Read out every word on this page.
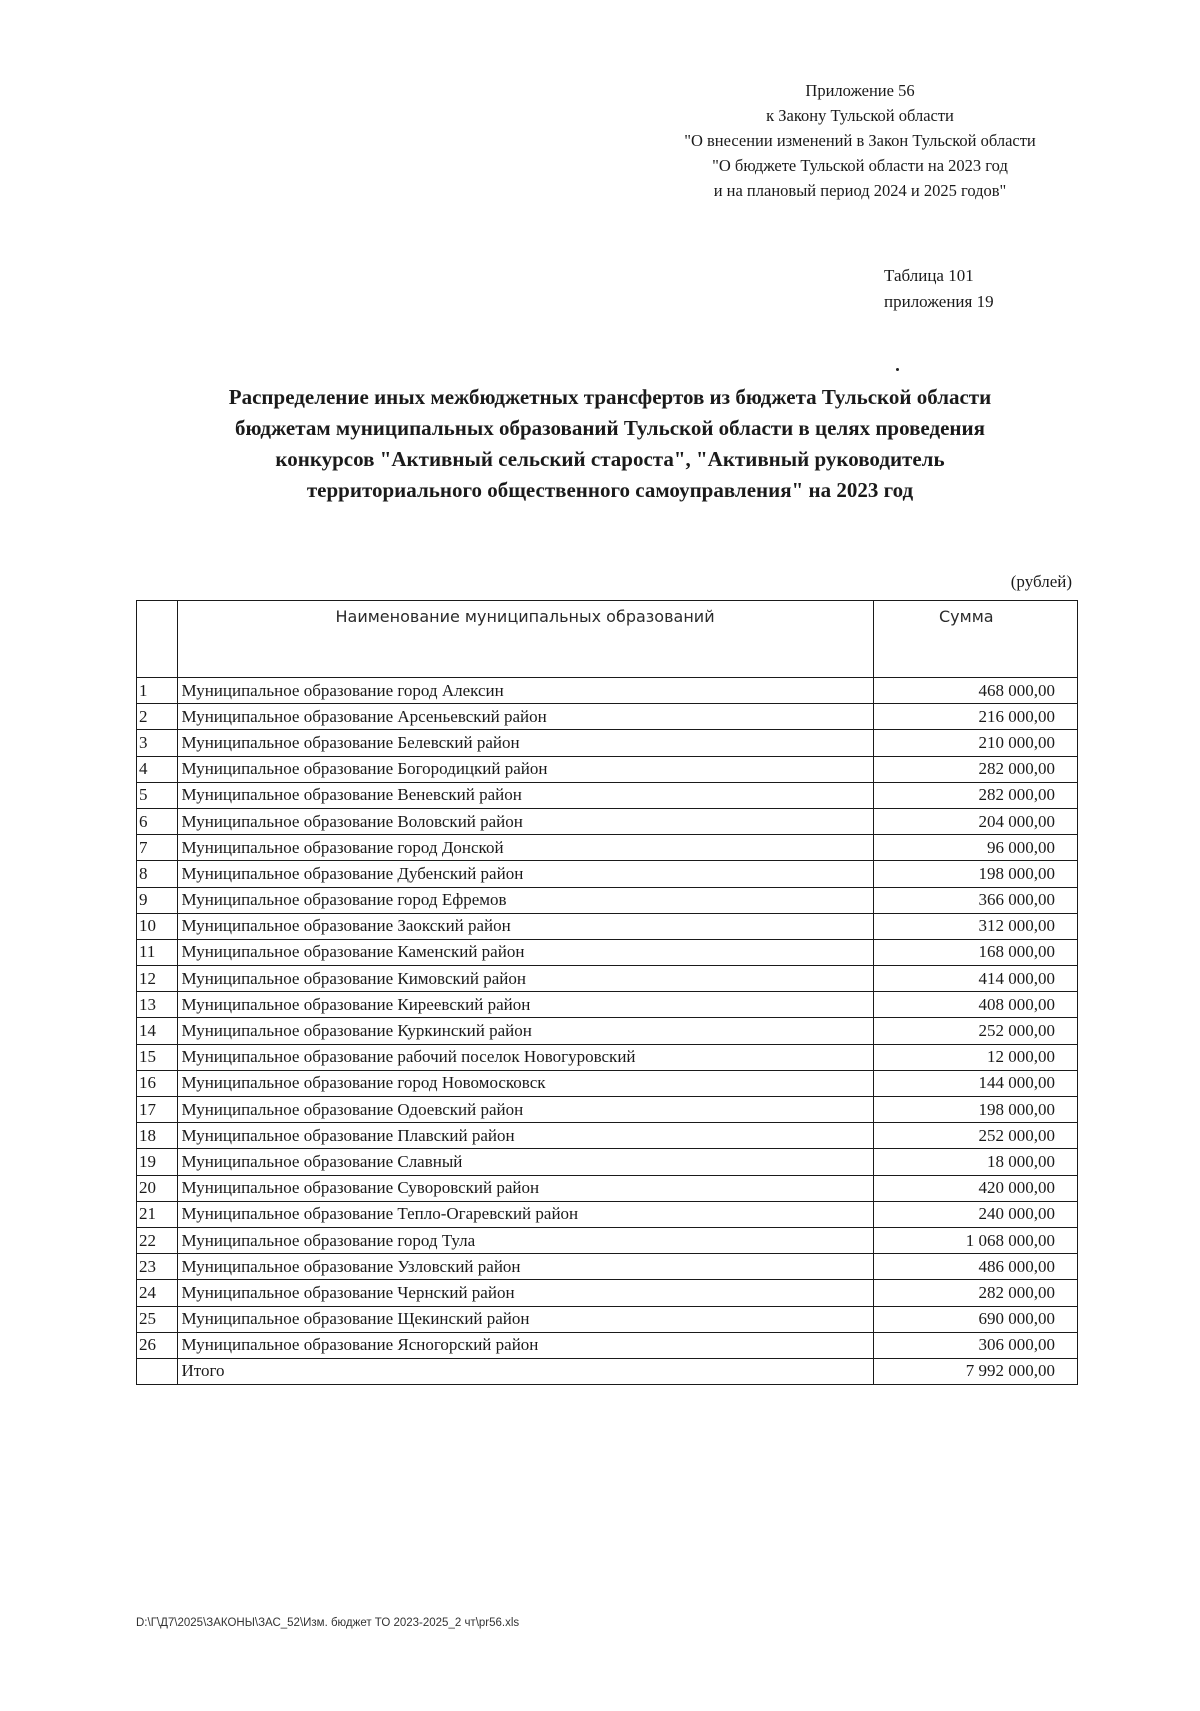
Приложение 56
к Закону Тульской области
"О внесении изменений в Закон Тульской области
"О бюджете Тульской области на 2023 год
и на плановый период 2024 и 2025 годов"
Таблица 101
приложения 19
Распределение иных межбюджетных трансфертов из бюджета Тульской области
бюджетам муниципальных образований Тульской области в целях проведения
конкурсов "Активный сельский староста", "Активный руководитель
территориального общественного самоуправления" на 2023 год
(рублей)
	Наименование муниципальных образований	Сумма
1	Муниципальное образование город Алексин	468 000,00
2	Муниципальное образование Арсеньевский район	216 000,00
3	Муниципальное образование Белевский район	210 000,00
4	Муниципальное образование Богородицкий район	282 000,00
5	Муниципальное образование Веневский район	282 000,00
6	Муниципальное образование Воловский район	204 000,00
7	Муниципальное образование город Донской	96 000,00
8	Муниципальное образование Дубенский район	198 000,00
9	Муниципальное образование город Ефремов	366 000,00
10	Муниципальное образование Заокский район	312 000,00
11	Муниципальное образование Каменский район	168 000,00
12	Муниципальное образование Кимовский район	414 000,00
13	Муниципальное образование Киреевский район	408 000,00
14	Муниципальное образование Куркинский район	252 000,00
15	Муниципальное образование рабочий поселок Новогуровский	12 000,00
16	Муниципальное образование город Новомосковск	144 000,00
17	Муниципальное образование Одоевский район	198 000,00
18	Муниципальное образование Плавский район	252 000,00
19	Муниципальное образование Славный	18 000,00
20	Муниципальное образование Суворовский район	420 000,00
21	Муниципальное образование Тепло-Огаревский район	240 000,00
22	Муниципальное образование город Тула	1 068 000,00
23	Муниципальное образование Узловский район	486 000,00
24	Муниципальное образование Чернский район	282 000,00
25	Муниципальное образование Щекинский район	690 000,00
26	Муниципальное образование Ясногорский район	306 000,00
	Итого	7 992 000,00
D:\Г\Д7\2025\ЗАКОНЫ\ЗАС_52\Изм. бюджет ТО 2023-2025_2 чт\pr56.xls
